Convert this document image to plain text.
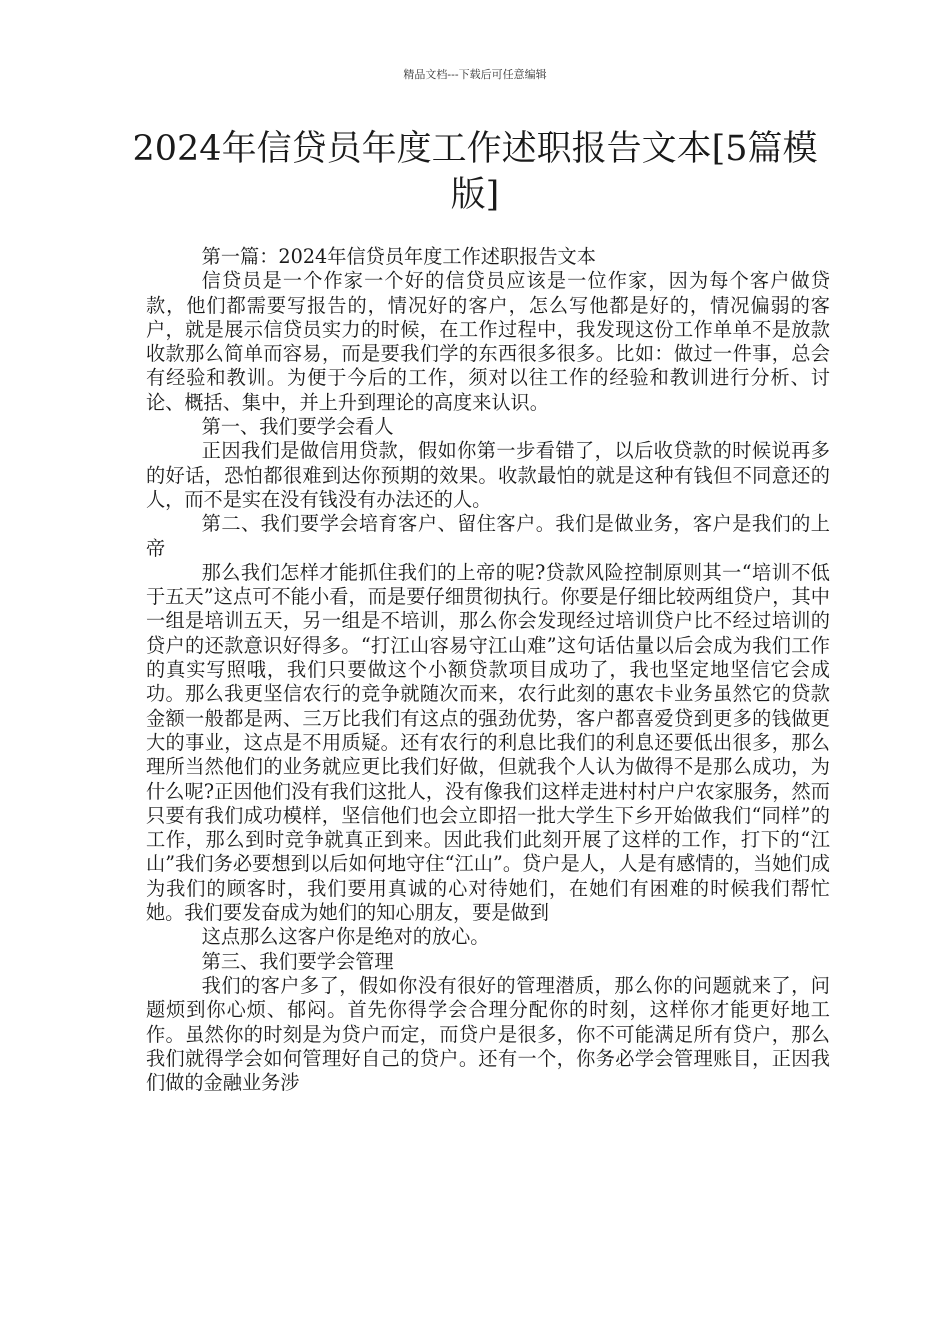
精品文档---下载后可任意编辑
2024年信贷员年度工作述职报告文本[5篇模版]

第一篇：2024年信贷员年度工作述职报告文本

信贷员是一个作家一个好的信贷员应该是一位作家，因为每个客户做贷款，他们都需要写报告的，情况好的客户，怎么写他都是好的，情况偏弱的客户，就是展示信贷员实力的时候，在工作过程中，我发现这份工作单单不是放款收款那么简单而容易，而是要我们学的东西很多很多。比如：做过一件事，总会有经验和教训。为便于今后的工作，须对以往工作的经验和教训进行分析、讨论、概括、集中，并上升到理论的高度来认识。

第一、我们要学会看人

正因我们是做信用贷款，假如你第一步看错了，以后收贷款的时候说再多的好话，恐怕都很难到达你预期的效果。收款最怕的就是这种有钱但不同意还的人，而不是实在没有钱没有办法还的人。

第二、我们要学会培育客户、留住客户。我们是做业务，客户是我们的上帝

那么我们怎样才能抓住我们的上帝的呢?贷款风险控制原则其一“培训不低于五天”这点可不能小看，而是要仔细贯彻执行。你要是仔细比较两组贷户，其中一组是培训五天，另一组是不培训，那么你会发现经过培训贷户比不经过培训的贷户的还款意识好得多。“打江山容易守江山难”这句话估量以后会成为我们工作的真实写照哦，我们只要做这个小额贷款项目成功了，我也坚定地坚信它会成功。那么我更坚信农行的竞争就随次而来，农行此刻的惠农卡业务虽然它的贷款金额一般都是两、三万比我们有这点的强劲优势，客户都喜爱贷到更多的钱做更大的事业，这点是不用质疑。还有农行的利息比我们的利息还要低出很多，那么理所当然他们的业务就应更比我们好做，但就我个人认为做得不是那么成功，为什么呢?正因他们没有我们这批人，没有像我们这样走进村村户户农家服务，然而只要有我们成功模样，坚信他们也会立即招一批大学生下乡开始做我们“同样”的工作，那么到时竞争就真正到来。因此我们此刻开展了这样的工作，打下的“江山”我们务必要想到以后如何地守住“江山”。贷户是人，人是有感情的，当她们成为我们的顾客时，我们要用真诚的心对待她们，在她们有困难的时候我们帮忙她。我们要发奋成为她们的知心朋友，要是做到

这点那么这客户你是绝对的放心。

第三、我们要学会管理

我们的客户多了，假如你没有很好的管理潜质，那么你的问题就来了，问题烦到你心烦、郁闷。首先你得学会合理分配你的时刻，这样你才能更好地工作。虽然你的时刻是为贷户而定，而贷户是很多，你不可能满足所有贷户，那么我们就得学会如何管理好自己的贷户。还有一个，你务必学会管理账目，正因我们做的金融业务涉
